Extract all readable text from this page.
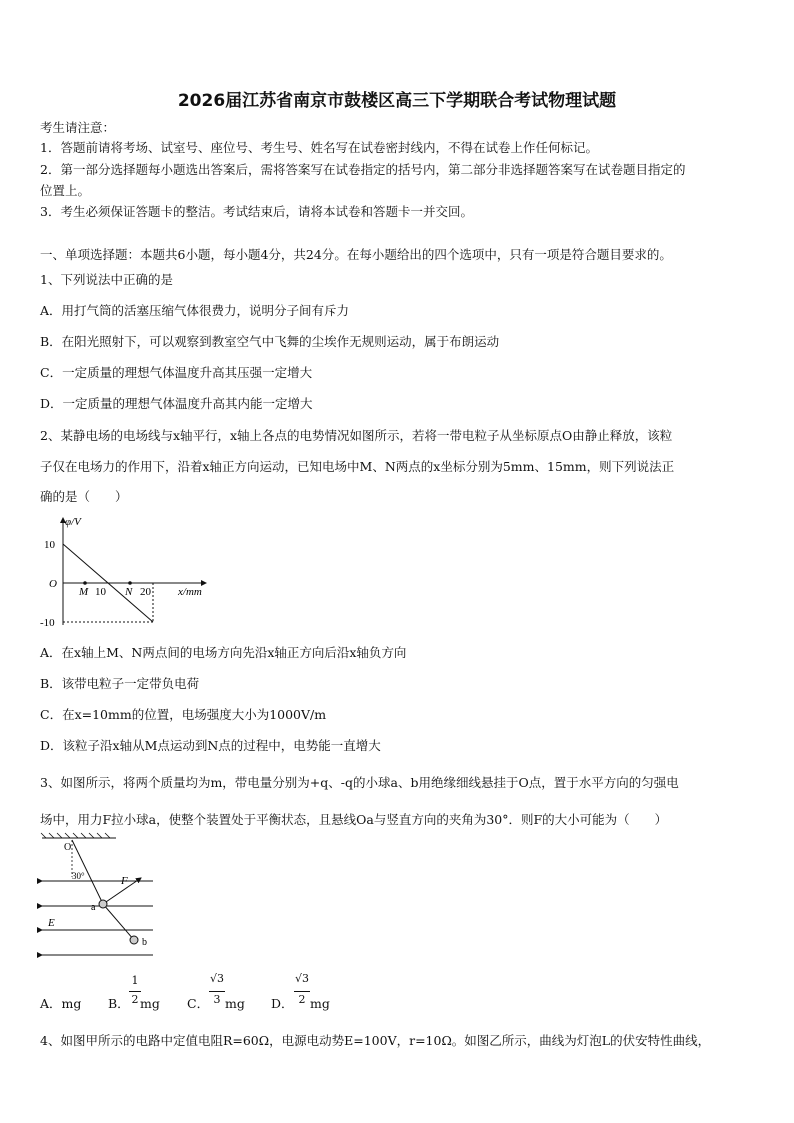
2026届江苏省南京市鼓楼区高三下学期联合考试物理试题
考生请注意：
1．答题前请将考场、试室号、座位号、考生号、姓名写在试卷密封线内，不得在试卷上作任何标记。
2．第一部分选择题每小题选出答案后，需将答案写在试卷指定的括号内，第二部分非选择题答案写在试卷题目指定的
位置上。
3．考生必须保证答题卡的整洁。考试结束后，请将本试卷和答题卡一并交回。
一、单项选择题：本题共6小题，每小题4分，共24分。在每小题给出的四个选项中，只有一项是符合题目要求的。
1、下列说法中正确的是
A．用打气筒的活塞压缩气体很费力，说明分子间有斥力
B．在阳光照射下，可以观察到教室空气中飞舞的尘埃作无规则运动，属于布朗运动
C．一定质量的理想气体温度升高其压强一定增大
D．一定质量的理想气体温度升高其内能一定增大
2、某静电场的电场线与x轴平行，x轴上各点的电势情况如图所示，若将一带电粒子从坐标原点O由静止释放，该粒
子仅在电场力的作用下，沿着x轴正方向运动，已知电场中M、N两点的x坐标分别为5mm、15mm，则下列说法正
确的是（　　）
φ/V
10
O
-10
M 10 N 20 x/mm
A．在x轴上M、N两点间的电场方向先沿x轴正方向后沿x轴负方向
B．该带电粒子一定带负电荷
C．在x=10mm的位置，电场强度大小为1000V/m
D．该粒子沿x轴从M点运动到N点的过程中，电势能一直增大
3、如图所示，将两个质量均为m，带电量分别为+q、-q的小球a、b用绝缘细线悬挂于O点，置于水平方向的匀强电
场中，用力F拉小球a，使整个装置处于平衡状态，且悬线Oa与竖直方向的夹角为30°．则F的大小可能为（　　）
O
30°	F
E
a
b
A．mg B．
1
2 mg C．
√3
3 mg D．
√3
2 mg
4、如图甲所示的电路中定值电阻R=60Ω，电源电动势E=100V，r=10Ω。如图乙所示，曲线为灯泡L的伏安特性曲线，
